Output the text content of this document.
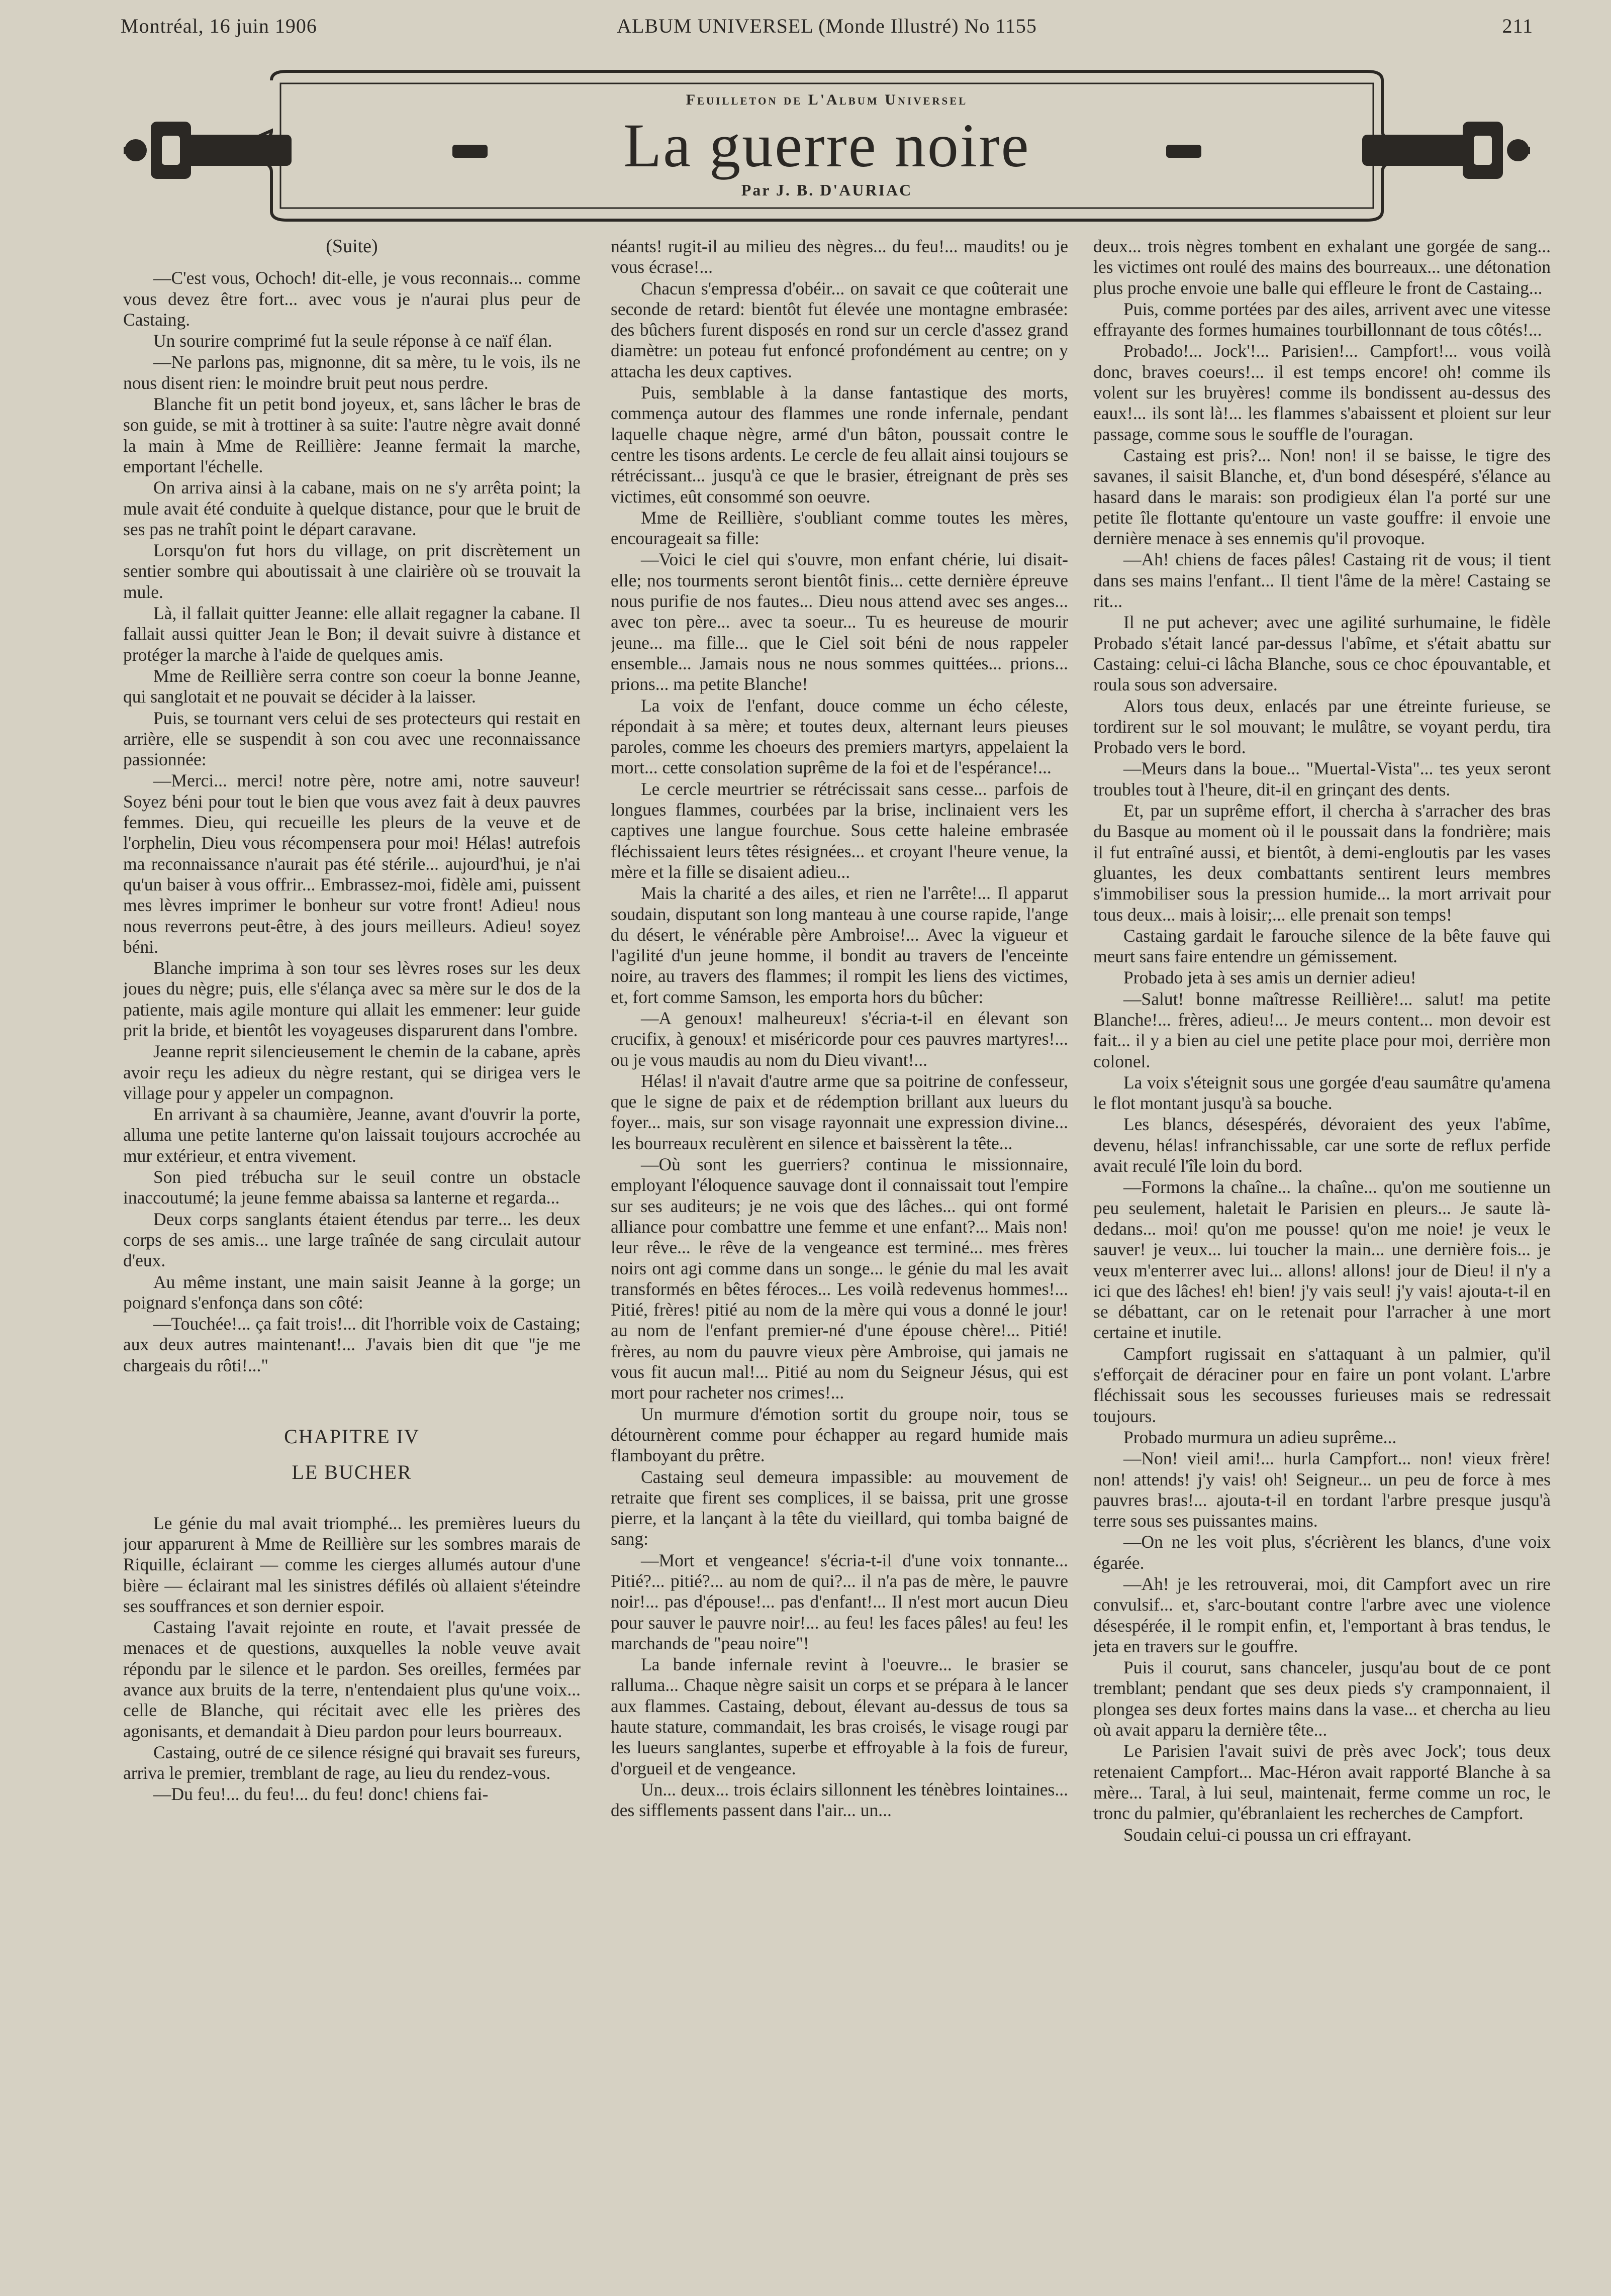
Montréal, 16 juin 1906	ALBUM UNIVERSEL (Monde Illustré) No 1155	211
Feuilleton de L'Album Universel
La guerre noire
Par J. B. D'AURIAC

(Suite)

—C'est vous, Ochoch! dit-elle, je vous reconnais... comme vous devez être fort... avec vous je n'aurai plus peur de Castaing.

Un sourire comprimé fut la seule réponse à ce naïf élan.

—Ne parlons pas, mignonne, dit sa mère, tu le vois, ils ne nous disent rien: le moindre bruit peut nous perdre.

Blanche fit un petit bond joyeux, et, sans lâcher le bras de son guide, se mit à trottiner à sa suite: l'autre nègre avait donné la main à Mme de Reillière: Jeanne fermait la marche, emportant l'échelle.

On arriva ainsi à la cabane, mais on ne s'y arrêta point; la mule avait été conduite à quelque distance, pour que le bruit de ses pas ne trahît point le départ caravane.

Lorsqu'on fut hors du village, on prit discrètement un sentier sombre qui aboutissait à une clairière où se trouvait la mule.

Là, il fallait quitter Jeanne: elle allait regagner la cabane. Il fallait aussi quitter Jean le Bon; il devait suivre à distance et protéger la marche à l'aide de quelques amis.

Mme de Reillière serra contre son coeur la bonne Jeanne, qui sanglotait et ne pouvait se décider à la laisser.

Puis, se tournant vers celui de ses protecteurs qui restait en arrière, elle se suspendit à son cou avec une reconnaissance passionnée:

—Merci... merci! notre père, notre ami, notre sauveur! Soyez béni pour tout le bien que vous avez fait à deux pauvres femmes. Dieu, qui recueille les pleurs de la veuve et de l'orphelin, Dieu vous récompensera pour moi! Hélas! autrefois ma reconnaissance n'aurait pas été stérile... aujourd'hui, je n'ai qu'un baiser à vous offrir... Embrassez-moi, fidèle ami, puissent mes lèvres imprimer le bonheur sur votre front! Adieu! nous nous reverrons peut-être, à des jours meilleurs. Adieu! soyez béni.

Blanche imprima à son tour ses lèvres roses sur les deux joues du nègre; puis, elle s'élança avec sa mère sur le dos de la patiente, mais agile monture qui allait les emmener: leur guide prit la bride, et bientôt les voyageuses disparurent dans l'ombre.

Jeanne reprit silencieusement le chemin de la cabane, après avoir reçu les adieux du nègre restant, qui se dirigea vers le village pour y appeler un compagnon.

En arrivant à sa chaumière, Jeanne, avant d'ouvrir la porte, alluma une petite lanterne qu'on laissait toujours accrochée au mur extérieur, et entra vivement.

Son pied trébucha sur le seuil contre un obstacle inaccoutumé; la jeune femme abaissa sa lanterne et regarda...

Deux corps sanglants étaient étendus par terre... les deux corps de ses amis... une large traînée de sang circulait autour d'eux.

Au même instant, une main saisit Jeanne à la gorge; un poignard s'enfonça dans son côté:

—Touchée!... ça fait trois!... dit l'horrible voix de Castaing; aux deux autres maintenant!... J'avais bien dit que "je me chargeais du rôti!..."

CHAPITRE IV

LE BUCHER

Le génie du mal avait triomphé... les premières lueurs du jour apparurent à Mme de Reillière sur les sombres marais de Riquille, éclairant — comme les cierges allumés autour d'une bière — éclairant mal les sinistres défilés où allaient s'éteindre ses souffrances et son dernier espoir.

Castaing l'avait rejointe en route, et l'avait pressée de menaces et de questions, auxquelles la noble veuve avait répondu par le silence et le pardon. Ses oreilles, fermées par avance aux bruits de la terre, n'entendaient plus qu'une voix... celle de Blanche, qui récitait avec elle les prières des agonisants, et demandait à Dieu pardon pour leurs bourreaux.

Castaing, outré de ce silence résigné qui bravait ses fureurs, arriva le premier, tremblant de rage, au lieu du rendez-vous.

—Du feu!... du feu!... du feu! donc! chiens fai-

néants! rugit-il au milieu des nègres... du feu!... maudits! ou je vous écrase!...

Chacun s'empressa d'obéir... on savait ce que coûterait une seconde de retard: bientôt fut élevée une montagne embrasée: des bûchers furent disposés en rond sur un cercle d'assez grand diamètre: un poteau fut enfoncé profondément au centre; on y attacha les deux captives.

Puis, semblable à la danse fantastique des morts, commença autour des flammes une ronde infernale, pendant laquelle chaque nègre, armé d'un bâton, poussait contre le centre les tisons ardents. Le cercle de feu allait ainsi toujours se rétrécissant... jusqu'à ce que le brasier, étreignant de près ses victimes, eût consommé son oeuvre.

Mme de Reillière, s'oubliant comme toutes les mères, encourageait sa fille:

—Voici le ciel qui s'ouvre, mon enfant chérie, lui disait-elle; nos tourments seront bientôt finis... cette dernière épreuve nous purifie de nos fautes... Dieu nous attend avec ses anges... avec ton père... avec ta soeur... Tu es heureuse de mourir jeune... ma fille... que le Ciel soit béni de nous rappeler ensemble... Jamais nous ne nous sommes quittées... prions... prions... ma petite Blanche!

La voix de l'enfant, douce comme un écho céleste, répondait à sa mère; et toutes deux, alternant leurs pieuses paroles, comme les choeurs des premiers martyrs, appelaient la mort... cette consolation suprême de la foi et de l'espérance!...

Le cercle meurtrier se rétrécissait sans cesse... parfois de longues flammes, courbées par la brise, inclinaient vers les captives une langue fourchue. Sous cette haleine embrasée fléchissaient leurs têtes résignées... et croyant l'heure venue, la mère et la fille se disaient adieu...

Mais la charité a des ailes, et rien ne l'arrête!... Il apparut soudain, disputant son long manteau à une course rapide, l'ange du désert, le vénérable père Ambroise!... Avec la vigueur et l'agilité d'un jeune homme, il bondit au travers de l'enceinte noire, au travers des flammes; il rompit les liens des victimes, et, fort comme Samson, les emporta hors du bûcher:

—A genoux! malheureux! s'écria-t-il en élevant son crucifix, à genoux! et miséricorde pour ces pauvres martyres!... ou je vous maudis au nom du Dieu vivant!...

Hélas! il n'avait d'autre arme que sa poitrine de confesseur, que le signe de paix et de rédemption brillant aux lueurs du foyer... mais, sur son visage rayonnait une expression divine... les bourreaux reculèrent en silence et baissèrent la tête...

—Où sont les guerriers? continua le missionnaire, employant l'éloquence sauvage dont il connaissait tout l'empire sur ses auditeurs; je ne vois que des lâches... qui ont formé alliance pour combattre une femme et une enfant?... Mais non! leur rêve... le rêve de la vengeance est terminé... mes frères noirs ont agi comme dans un songe... le génie du mal les avait transformés en bêtes féroces... Les voilà redevenus hommes!... Pitié, frères! pitié au nom de la mère qui vous a donné le jour! au nom de l'enfant premier-né d'une épouse chère!... Pitié! frères, au nom du pauvre vieux père Ambroise, qui jamais ne vous fit aucun mal!... Pitié au nom du Seigneur Jésus, qui est mort pour racheter nos crimes!...

Un murmure d'émotion sortit du groupe noir, tous se détournèrent comme pour échapper au regard humide mais flamboyant du prêtre.

Castaing seul demeura impassible: au mouvement de retraite que firent ses complices, il se baissa, prit une grosse pierre, et la lançant à la tête du vieillard, qui tomba baigné de sang:

—Mort et vengeance! s'écria-t-il d'une voix tonnante... Pitié?... pitié?... au nom de qui?... il n'a pas de mère, le pauvre noir!... pas d'épouse!... pas d'enfant!... Il n'est mort aucun Dieu pour sauver le pauvre noir!... au feu! les faces pâles! au feu! les marchands de "peau noire"!

La bande infernale revint à l'oeuvre... le brasier se ralluma... Chaque nègre saisit un corps et se prépara à le lancer aux flammes. Castaing, debout, élevant au-dessus de tous sa haute stature, commandait, les bras croisés, le visage rougi par les lueurs sanglantes, superbe et effroyable à la fois de fureur, d'orgueil et de vengeance.

Un... deux... trois éclairs sillonnent les ténèbres lointaines... des sifflements passent dans l'air... un...

deux... trois nègres tombent en exhalant une gorgée de sang... les victimes ont roulé des mains des bourreaux... une détonation plus proche envoie une balle qui effleure le front de Castaing...

Puis, comme portées par des ailes, arrivent avec une vitesse effrayante des formes humaines tourbillonnant de tous côtés!...

Probado!... Jock'!... Parisien!... Campfort!... vous voilà donc, braves coeurs!... il est temps encore! oh! comme ils volent sur les bruyères! comme ils bondissent au-dessus des eaux!... ils sont là!... les flammes s'abaissent et ploient sur leur passage, comme sous le souffle de l'ouragan.

Castaing est pris?... Non! non! il se baisse, le tigre des savanes, il saisit Blanche, et, d'un bond désespéré, s'élance au hasard dans le marais: son prodigieux élan l'a porté sur une petite île flottante qu'entoure un vaste gouffre: il envoie une dernière menace à ses ennemis qu'il provoque.

—Ah! chiens de faces pâles! Castaing rit de vous; il tient dans ses mains l'enfant... Il tient l'âme de la mère! Castaing se rit...

Il ne put achever; avec une agilité surhumaine, le fidèle Probado s'était lancé par-dessus l'abîme, et s'était abattu sur Castaing: celui-ci lâcha Blanche, sous ce choc épouvantable, et roula sous son adversaire.

Alors tous deux, enlacés par une étreinte furieuse, se tordirent sur le sol mouvant; le mulâtre, se voyant perdu, tira Probado vers le bord.

—Meurs dans la boue... "Muertal-Vista"... tes yeux seront troubles tout à l'heure, dit-il en grinçant des dents.

Et, par un suprême effort, il chercha à s'arracher des bras du Basque au moment où il le poussait dans la fondrière; mais il fut entraîné aussi, et bientôt, à demi-engloutis par les vases gluantes, les deux combattants sentirent leurs membres s'immobiliser sous la pression humide... la mort arrivait pour tous deux... mais à loisir;... elle prenait son temps!

Castaing gardait le farouche silence de la bête fauve qui meurt sans faire entendre un gémissement.

Probado jeta à ses amis un dernier adieu!

—Salut! bonne maîtresse Reillière!... salut! ma petite Blanche!... frères, adieu!... Je meurs content... mon devoir est fait... il y a bien au ciel une petite place pour moi, derrière mon colonel.

La voix s'éteignit sous une gorgée d'eau saumâtre qu'amena le flot montant jusqu'à sa bouche.

Les blancs, désespérés, dévoraient des yeux l'abîme, devenu, hélas! infranchissable, car une sorte de reflux perfide avait reculé l'île loin du bord.

—Formons la chaîne... la chaîne... qu'on me soutienne un peu seulement, haletait le Parisien en pleurs... Je saute là-dedans... moi! qu'on me pousse! qu'on me noie! je veux le sauver! je veux... lui toucher la main... une dernière fois... je veux m'enterrer avec lui... allons! allons! jour de Dieu! il n'y a ici que des lâches! eh! bien! j'y vais seul! j'y vais! ajouta-t-il en se débattant, car on le retenait pour l'arracher à une mort certaine et inutile.

Campfort rugissait en s'attaquant à un palmier, qu'il s'efforçait de déraciner pour en faire un pont volant. L'arbre fléchissait sous les secousses furieuses mais se redressait toujours.

Probado murmura un adieu suprême...

—Non! vieil ami!... hurla Campfort... non! vieux frère! non! attends! j'y vais! oh! Seigneur... un peu de force à mes pauvres bras!... ajouta-t-il en tordant l'arbre presque jusqu'à terre sous ses puissantes mains.

—On ne les voit plus, s'écrièrent les blancs, d'une voix égarée.

—Ah! je les retrouverai, moi, dit Campfort avec un rire convulsif... et, s'arc-boutant contre l'arbre avec une violence désespérée, il le rompit enfin, et, l'emportant à bras tendus, le jeta en travers sur le gouffre.

Puis il courut, sans chanceler, jusqu'au bout de ce pont tremblant; pendant que ses deux pieds s'y cramponnaient, il plongea ses deux fortes mains dans la vase... et chercha au lieu où avait apparu la dernière tête...

Le Parisien l'avait suivi de près avec Jock'; tous deux retenaient Campfort... Mac-Héron avait rapporté Blanche à sa mère... Taral, à lui seul, maintenait, ferme comme un roc, le tronc du palmier, qu'ébranlaient les recherches de Campfort.

Soudain celui-ci poussa un cri effrayant.
